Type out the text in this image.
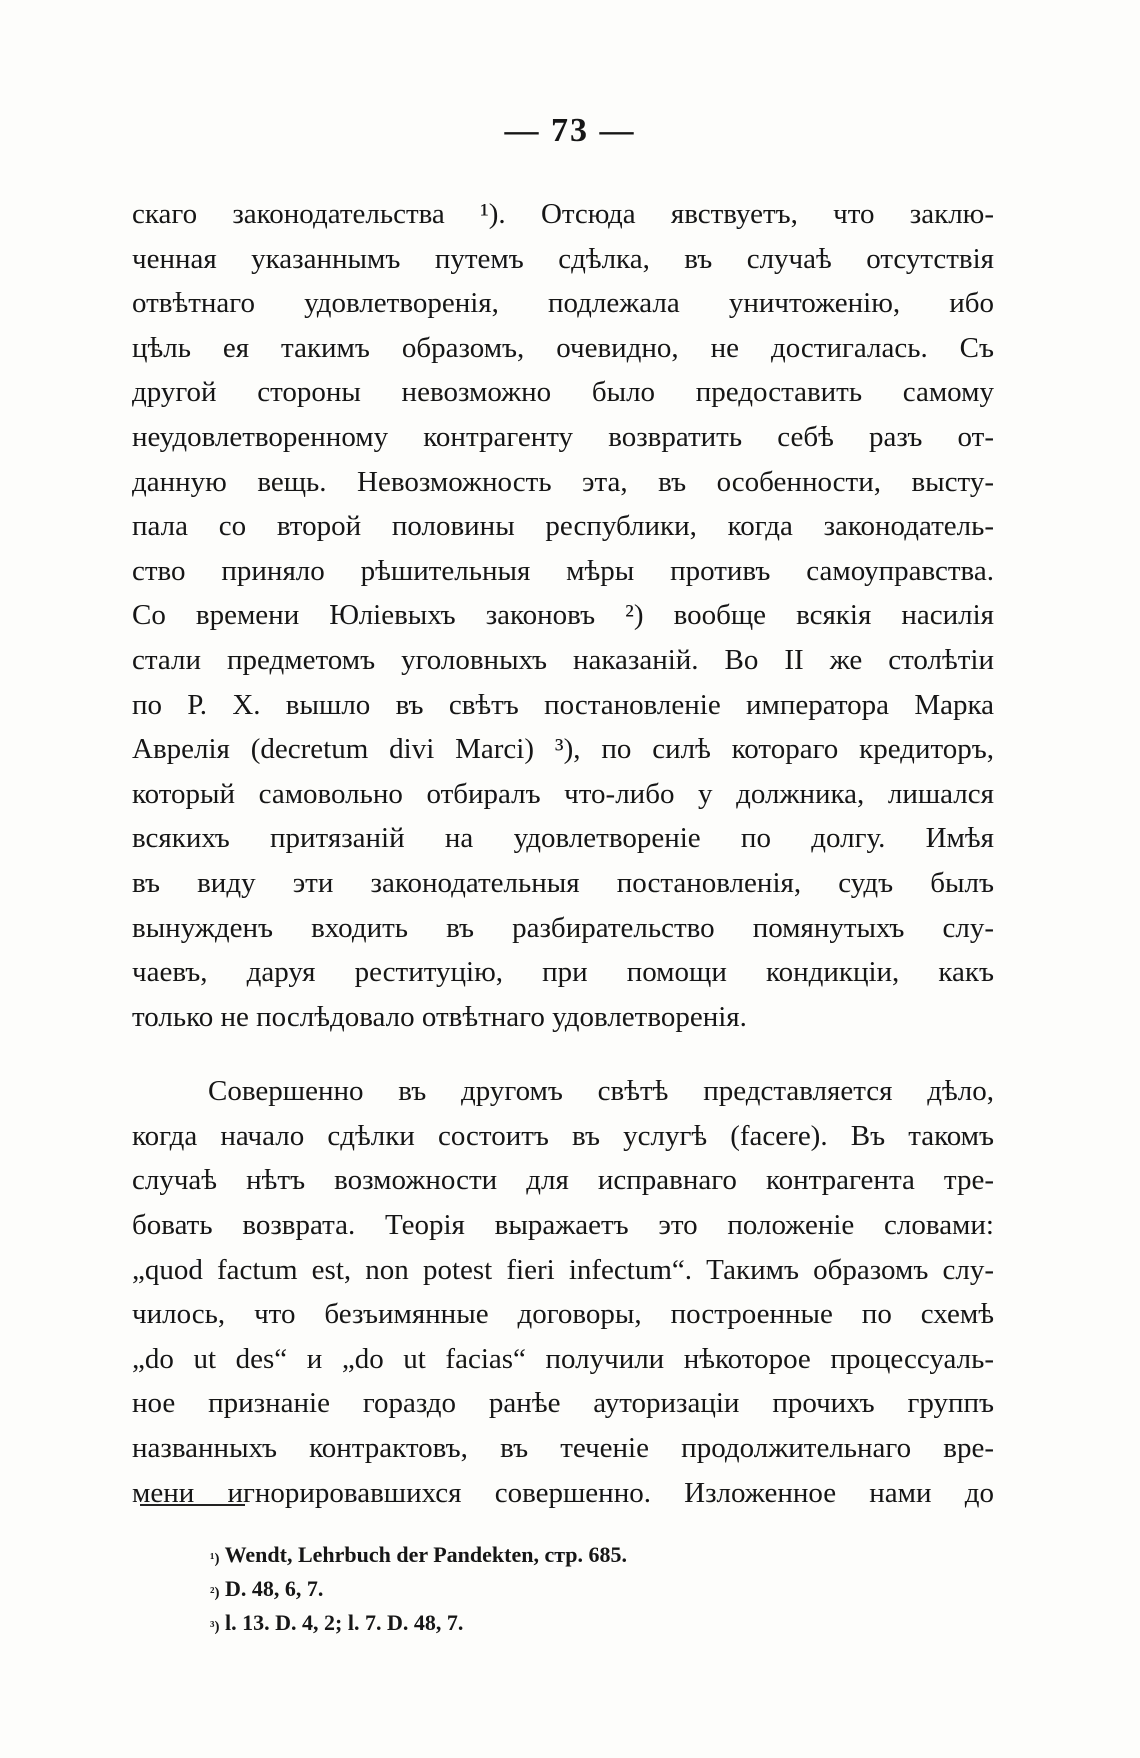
— 73 —
скаго законодательства ¹). Отсюда явствуетъ, что заклю-
ченная указаннымъ путемъ сдѣлка, въ случаѣ отсутствія
отвѣтнаго удовлетворенія, подлежала уничтоженію, ибо
цѣль ея такимъ образомъ, очевидно, не достигалась. Съ
другой стороны невозможно было предоставить самому
неудовлетворенному контрагенту возвратить себѣ разъ от-
данную вещь. Невозможность эта, въ особенности, высту-
пала со второй половины республики, когда законодатель-
ство приняло рѣшительныя мѣры противъ самоуправства.
Со времени Юліевыхъ законовъ ²) вообще всякія насилія
стали предметомъ уголовныхъ наказаній. Во II же столѣтіи
по Р. Х. вышло въ свѣтъ постановленіе императора Марка
Аврелія (decretum divi Marci) ³), по силѣ котораго кредиторъ,
который самовольно отбиралъ что-либо у должника, лишался
всякихъ притязаній на удовлетвореніе по долгу. Имѣя
въ виду эти законодательныя постановленія, судъ былъ
вынужденъ входить въ разбирательство помянутыхъ слу-
чаевъ, даруя реституцію, при помощи кондикціи, какъ
только не послѣдовало отвѣтнаго удовлетворенія.
Совершенно въ другомъ свѣтѣ представляется дѣло,
когда начало сдѣлки состоитъ въ услугѣ (facere). Въ такомъ
случаѣ нѣтъ возможности для исправнаго контрагента тре-
бовать возврата. Теорія выражаетъ это положеніе словами:
„quod factum est, non potest fieri infectum“. Такимъ образомъ слу-
чилось, что безъимянные договоры, построенные по схемѣ
„do ut des“ и „do ut facias“ получили нѣкоторое процессуаль-
ное признаніе гораздо ранѣе ауторизаціи прочихъ группъ
названныхъ контрактовъ, въ теченіе продолжительнаго вре-
мени игнорировавшихся совершенно. Изложенное нами до
$^{^1)}$ Wendt, Lehrbuch der Pandekten, стр. 685.
$^{^2)}$ D. 48, 6, 7.
$^{^3)}$ l. 13. D. 4, 2; l. 7. D. 48, 7.
